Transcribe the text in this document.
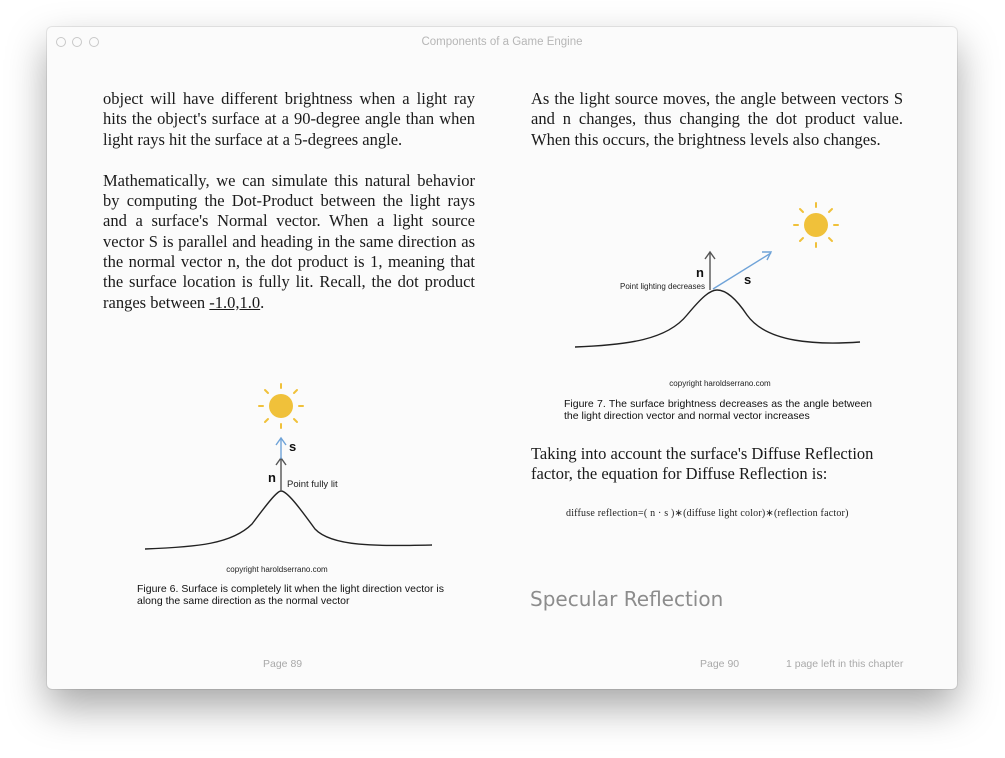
Components of a Game Engine

object will have different brightness when a light ray hits the object's surface at a 90-degree angle than when light rays hit the surface at a 5-degrees angle.

Mathematically, we can simulate this natural behavior by computing the Dot-Product between the light rays and a surface's Normal vector. When a light source vector S is parallel and heading in the same direction as the normal vector n, the dot product is 1, meaning that the surface location is fully lit. Recall, the dot product ranges between -1.0,1.0.

s
n Point fully lit
copyright haroldserrano.com
Figure 6. Surface is completely lit when the light direction vector is along the same direction as the normal vector
Page 89

As the light source moves, the angle between vectors S and n changes, thus changing the dot product value. When this occurs, the brightness levels also changes.

n	s
Point lighting decreases
copyright haroldserrano.com
Figure 7. The surface brightness decreases as the angle between the light direction vector and normal vector increases

Taking into account the surface's Diffuse Reflection factor, the equation for Diffuse Reflection is:

diffuse reflection=( n · s )∗(diffuse light color)∗(reflection factor)
Specular Reflection
Page 90	1 page left in this chapter
